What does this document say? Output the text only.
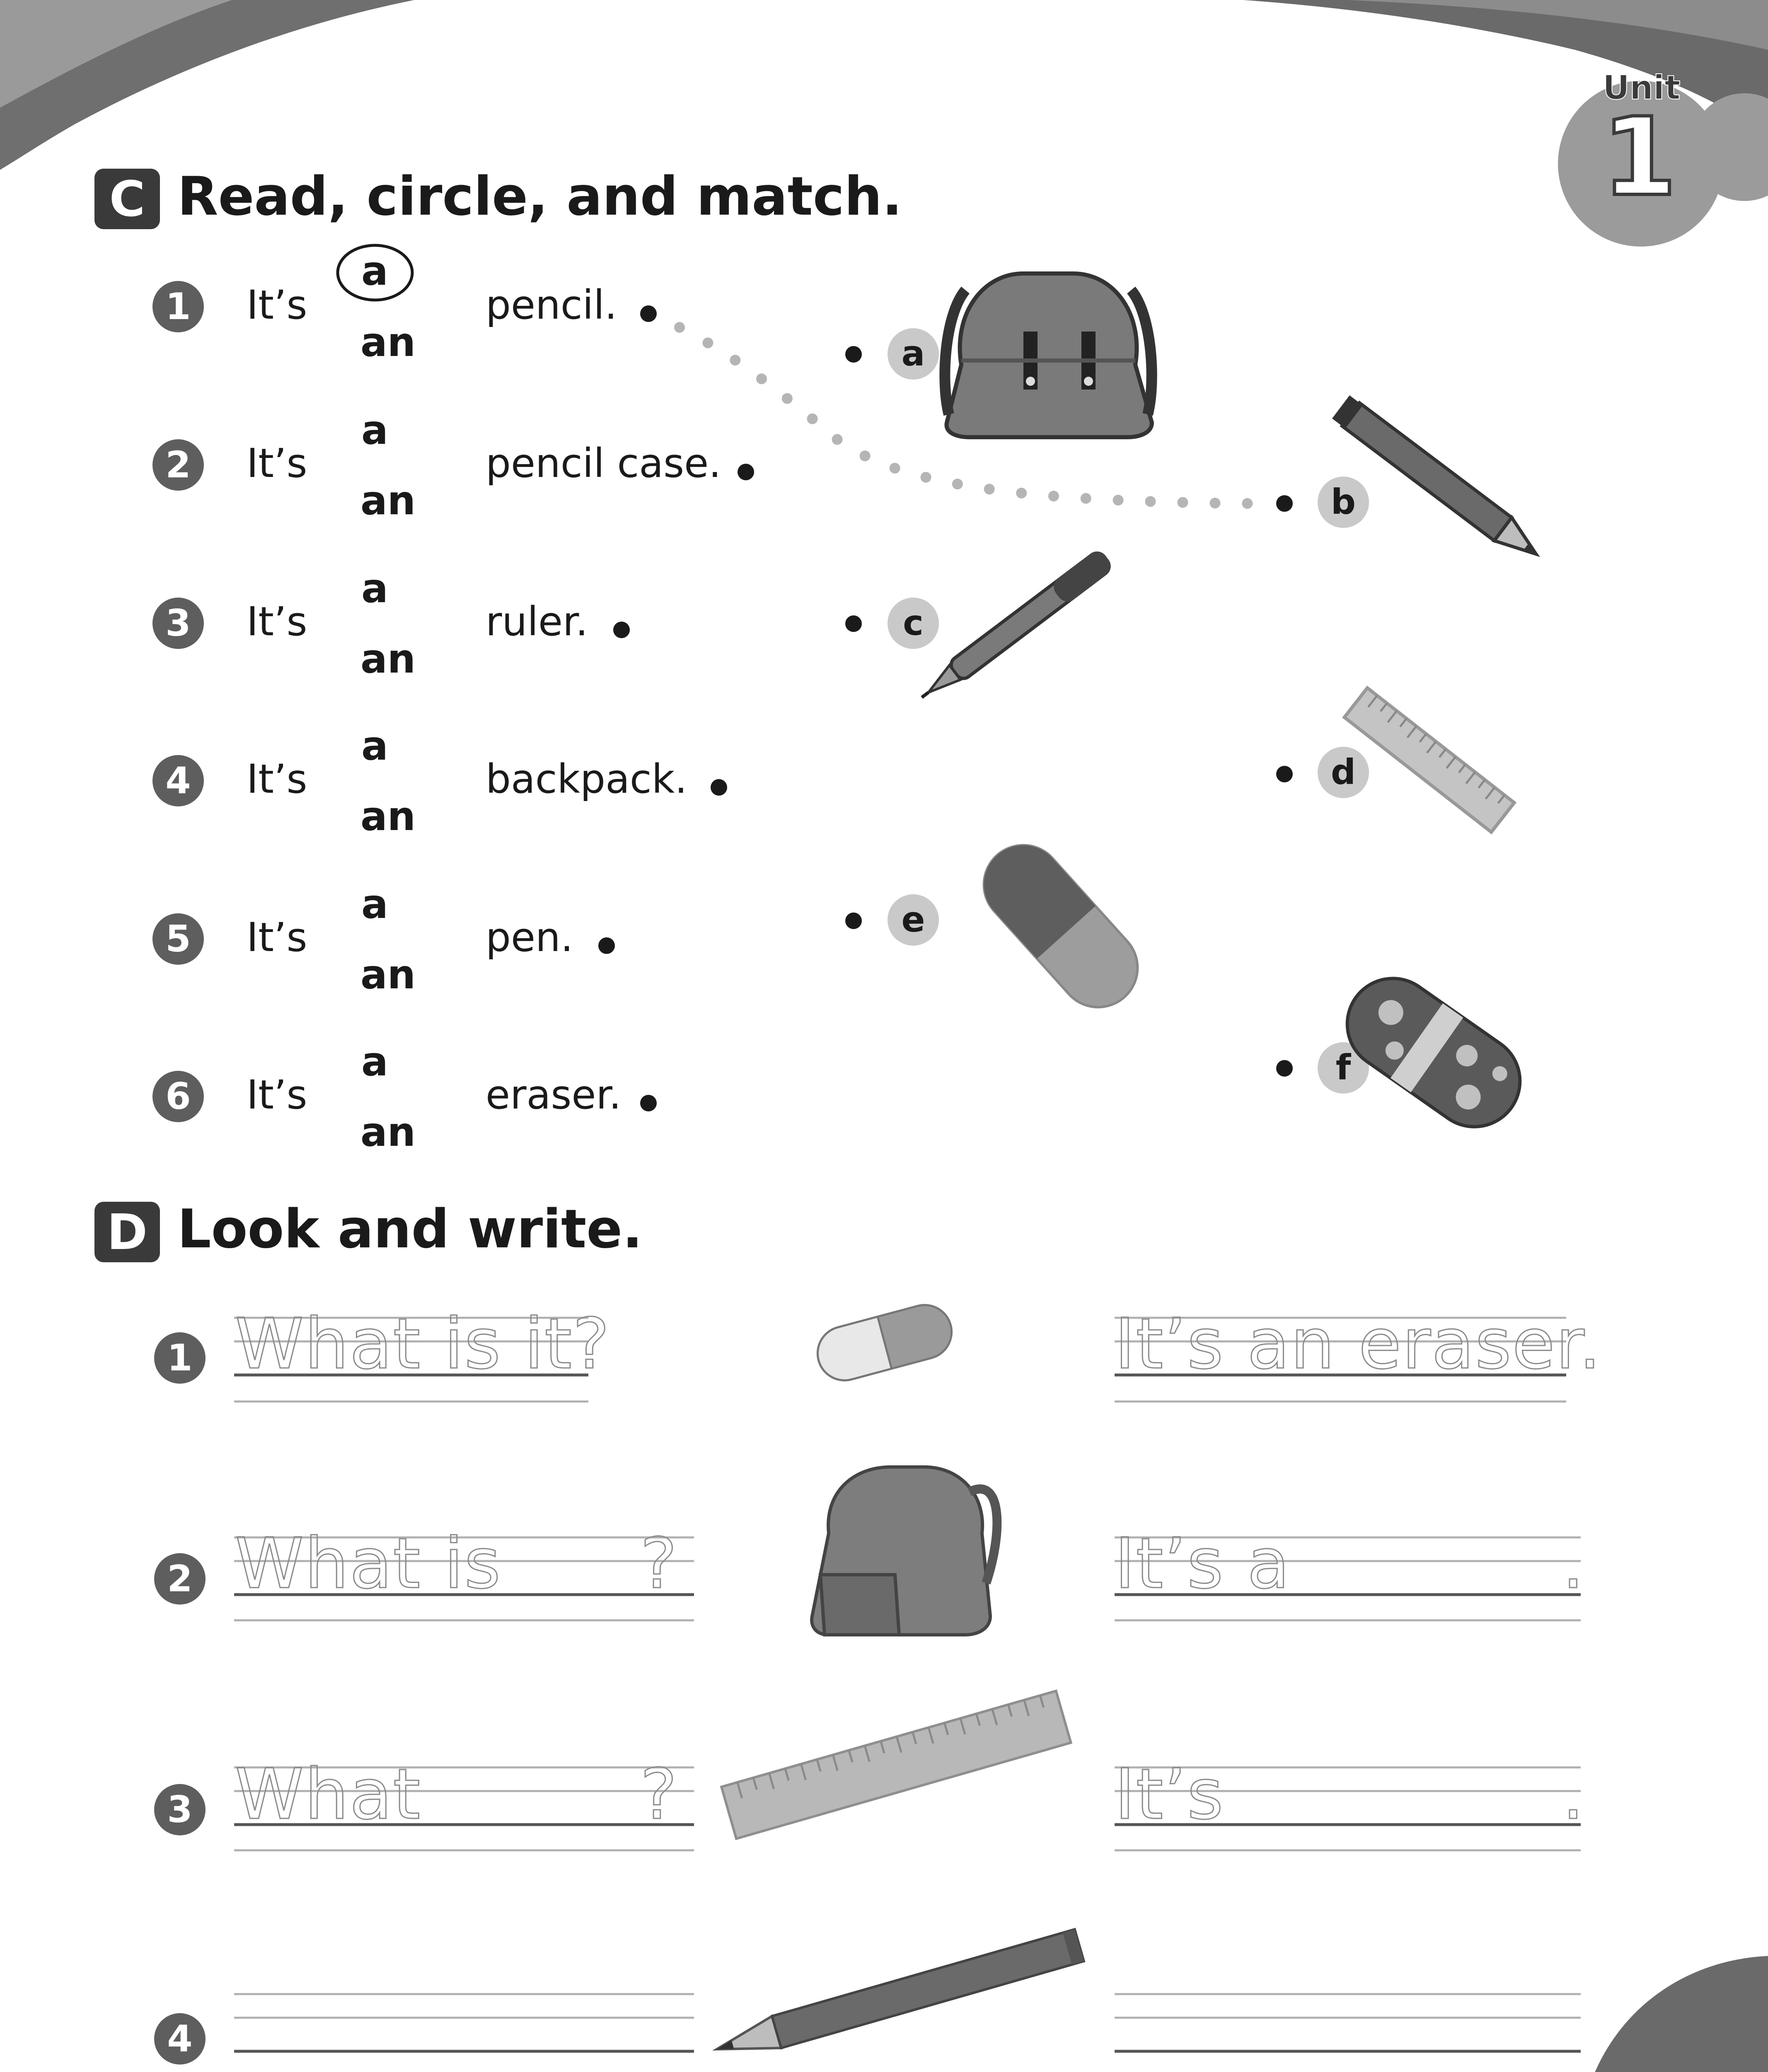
Unit
1
C Read, circle, and match.
1	It’s
a
an
pencil.
2	It’s
a
an
pencil case.
3	It’s
a
an
ruler.
4	It’s
a
an
backpack.
5	It’s
a
an
pen.
6	It’s
a
an
eraser.
a
b
c
d
e
f
D Look and write.
1 What is it?	It’s an eraser.
2 What is ?	It’s a	.
3 What	?	It’s	.
4
